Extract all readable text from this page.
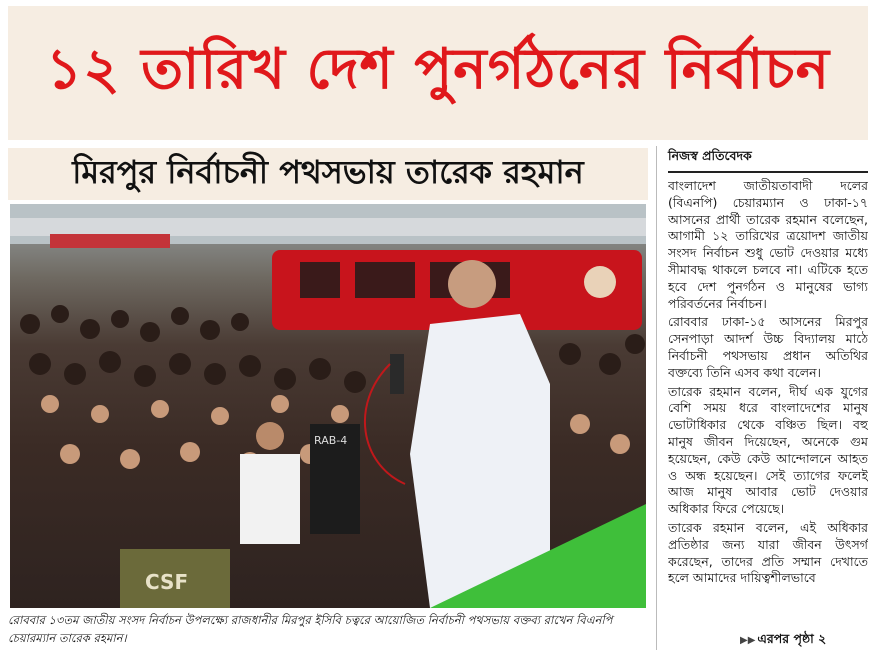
১২ তারিখ দেশ পুনর্গঠনের নির্বাচন
মিরপুর নির্বাচনী পথসভায় তারেক রহমান
RAB-4
CSF
রোববার ১৩তম জাতীয় সংসদ নির্বাচন উপলক্ষ্যে রাজধানীর মিরপুর ইসিবি চত্বরে আয়োজিত নির্বাচনী পথসভায় বক্তব্য রাখেন বিএনপি চেয়ারম্যান তারেক রহমান।
নিজস্ব প্রতিবেদক

বাংলাদেশ জাতীয়তাবাদী দলের (বিএনপি) চেয়ারম্যান ও ঢাকা-১৭ আসনের প্রার্থী তারেক রহমান বলেছেন, আগামী ১২ তারিখের ত্রয়োদশ জাতীয় সংসদ নির্বাচন শুধু ভোট দেওয়ার মধ্যে সীমাবদ্ধ থাকলে চলবে না। এটিকে হতে হবে দেশ পুনর্গঠন ও মানুষের ভাগ্য পরিবর্তনের নির্বাচন।

রোববার ঢাকা-১৫ আসনের মিরপুর সেনপাড়া আদর্শ উচ্চ বিদ্যালয় মাঠে নির্বাচনী পথসভায় প্রধান অতিথির বক্তব্যে তিনি এসব কথা বলেন।

তারেক রহমান বলেন, দীর্ঘ এক যুগের বেশি সময় ধরে বাংলাদেশের মানুষ ভোটাধিকার থেকে বঞ্চিত ছিল। বহু মানুষ জীবন দিয়েছেন, অনেকে গুম হয়েছেন, কেউ কেউ আন্দোলনে আহত ও অন্ধ হয়েছেন। সেই ত্যাগের ফলেই আজ মানুষ আবার ভোট দেওয়ার অধিকার ফিরে পেয়েছে।

তারেক রহমান বলেন, এই অধিকার প্রতিষ্ঠার জন্য যারা জীবন উৎসর্গ করেছেন, তাদের প্রতি সম্মান দেখাতে হলে আমাদের দায়িত্বশীলভাবে

▶▶ এরপর পৃষ্ঠা ২
